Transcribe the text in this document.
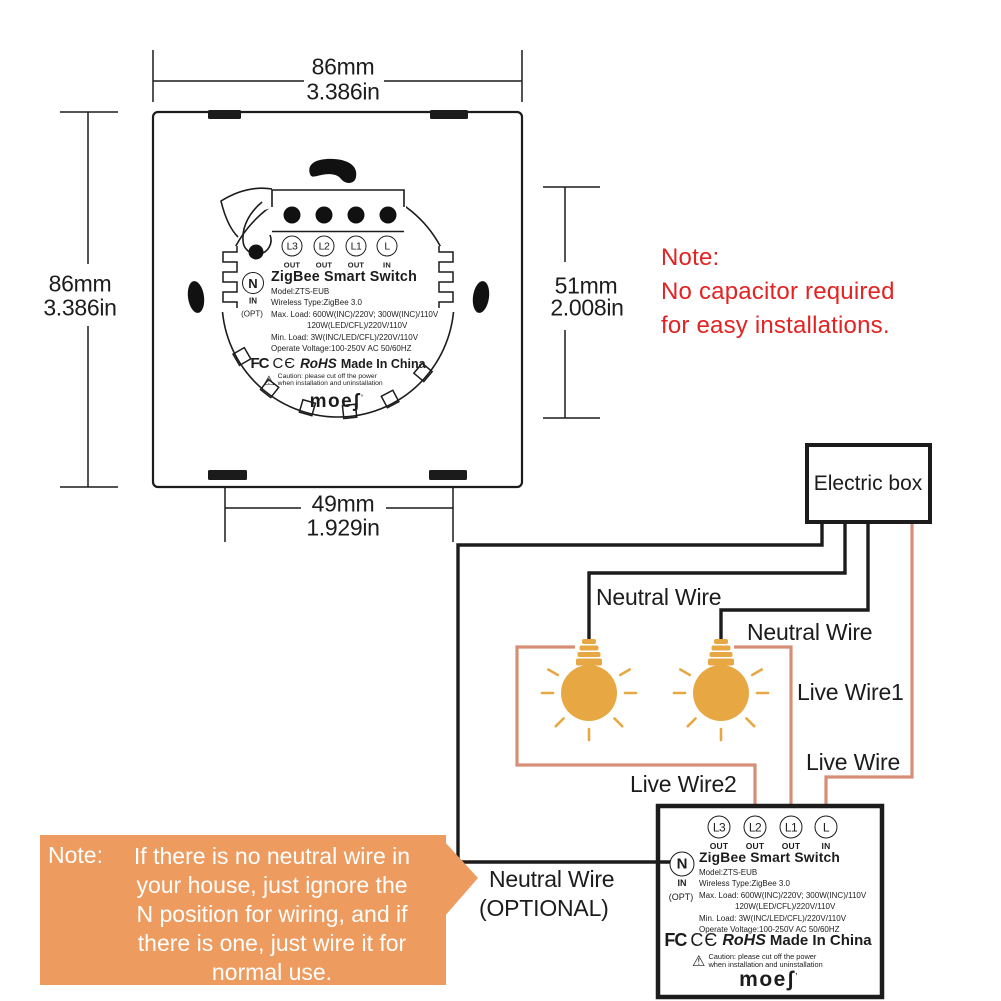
86mm
3.386in
86mm
3.386in
51mm
2.008in
49mm
1.929in
Note:
No capacitor required
for easy installations.
L3 L2 L1 L
OUT OUT OUT	IN
N
IN
(OPT)
ZigBee Smart Switch
Model:ZTS-EUB
Wireless Type:ZigBee 3.0
Max. Load: 600W(INC)/220V; 300W(INC)/110V
120W(LED/CFL)/220V/110V
Min. Load: 3W(INC/LED/CFL)/220V/110V
Operate Voltage:100-250V AC 50/60HZ
FC CЄ RoHS Made In China
⚠ Caution: please cut off the power
when installation and uninstallation
moeʃ’
Electric box
Neutral Wire
Neutral Wire
Live Wire1
Live Wire
Live Wire2
Neutral Wire
(OPTIONAL)
L3 L2 L1 L
OUT OUT OUT	IN
N
IN
(OPT)
ZigBee Smart Switch
Model:ZTS-EUB
Wireless Type:ZigBee 3.0
Max. Load: 600W(INC)/220V; 300W(INC)/110V
120W(LED/CFL)/220V/110V
Min. Load: 3W(INC/LED/CFL)/220V/110V
Operate Voltage:100-250V AC 50/60HZ
FC CЄ RoHS Made In China
⚠ Caution: please cut off the power
when installation and uninstallation
moeʃ’
Note:	If there is no neutral wire in
your house, just ignore the
N position for wiring, and if
there is one, just wire it for
normal use.
